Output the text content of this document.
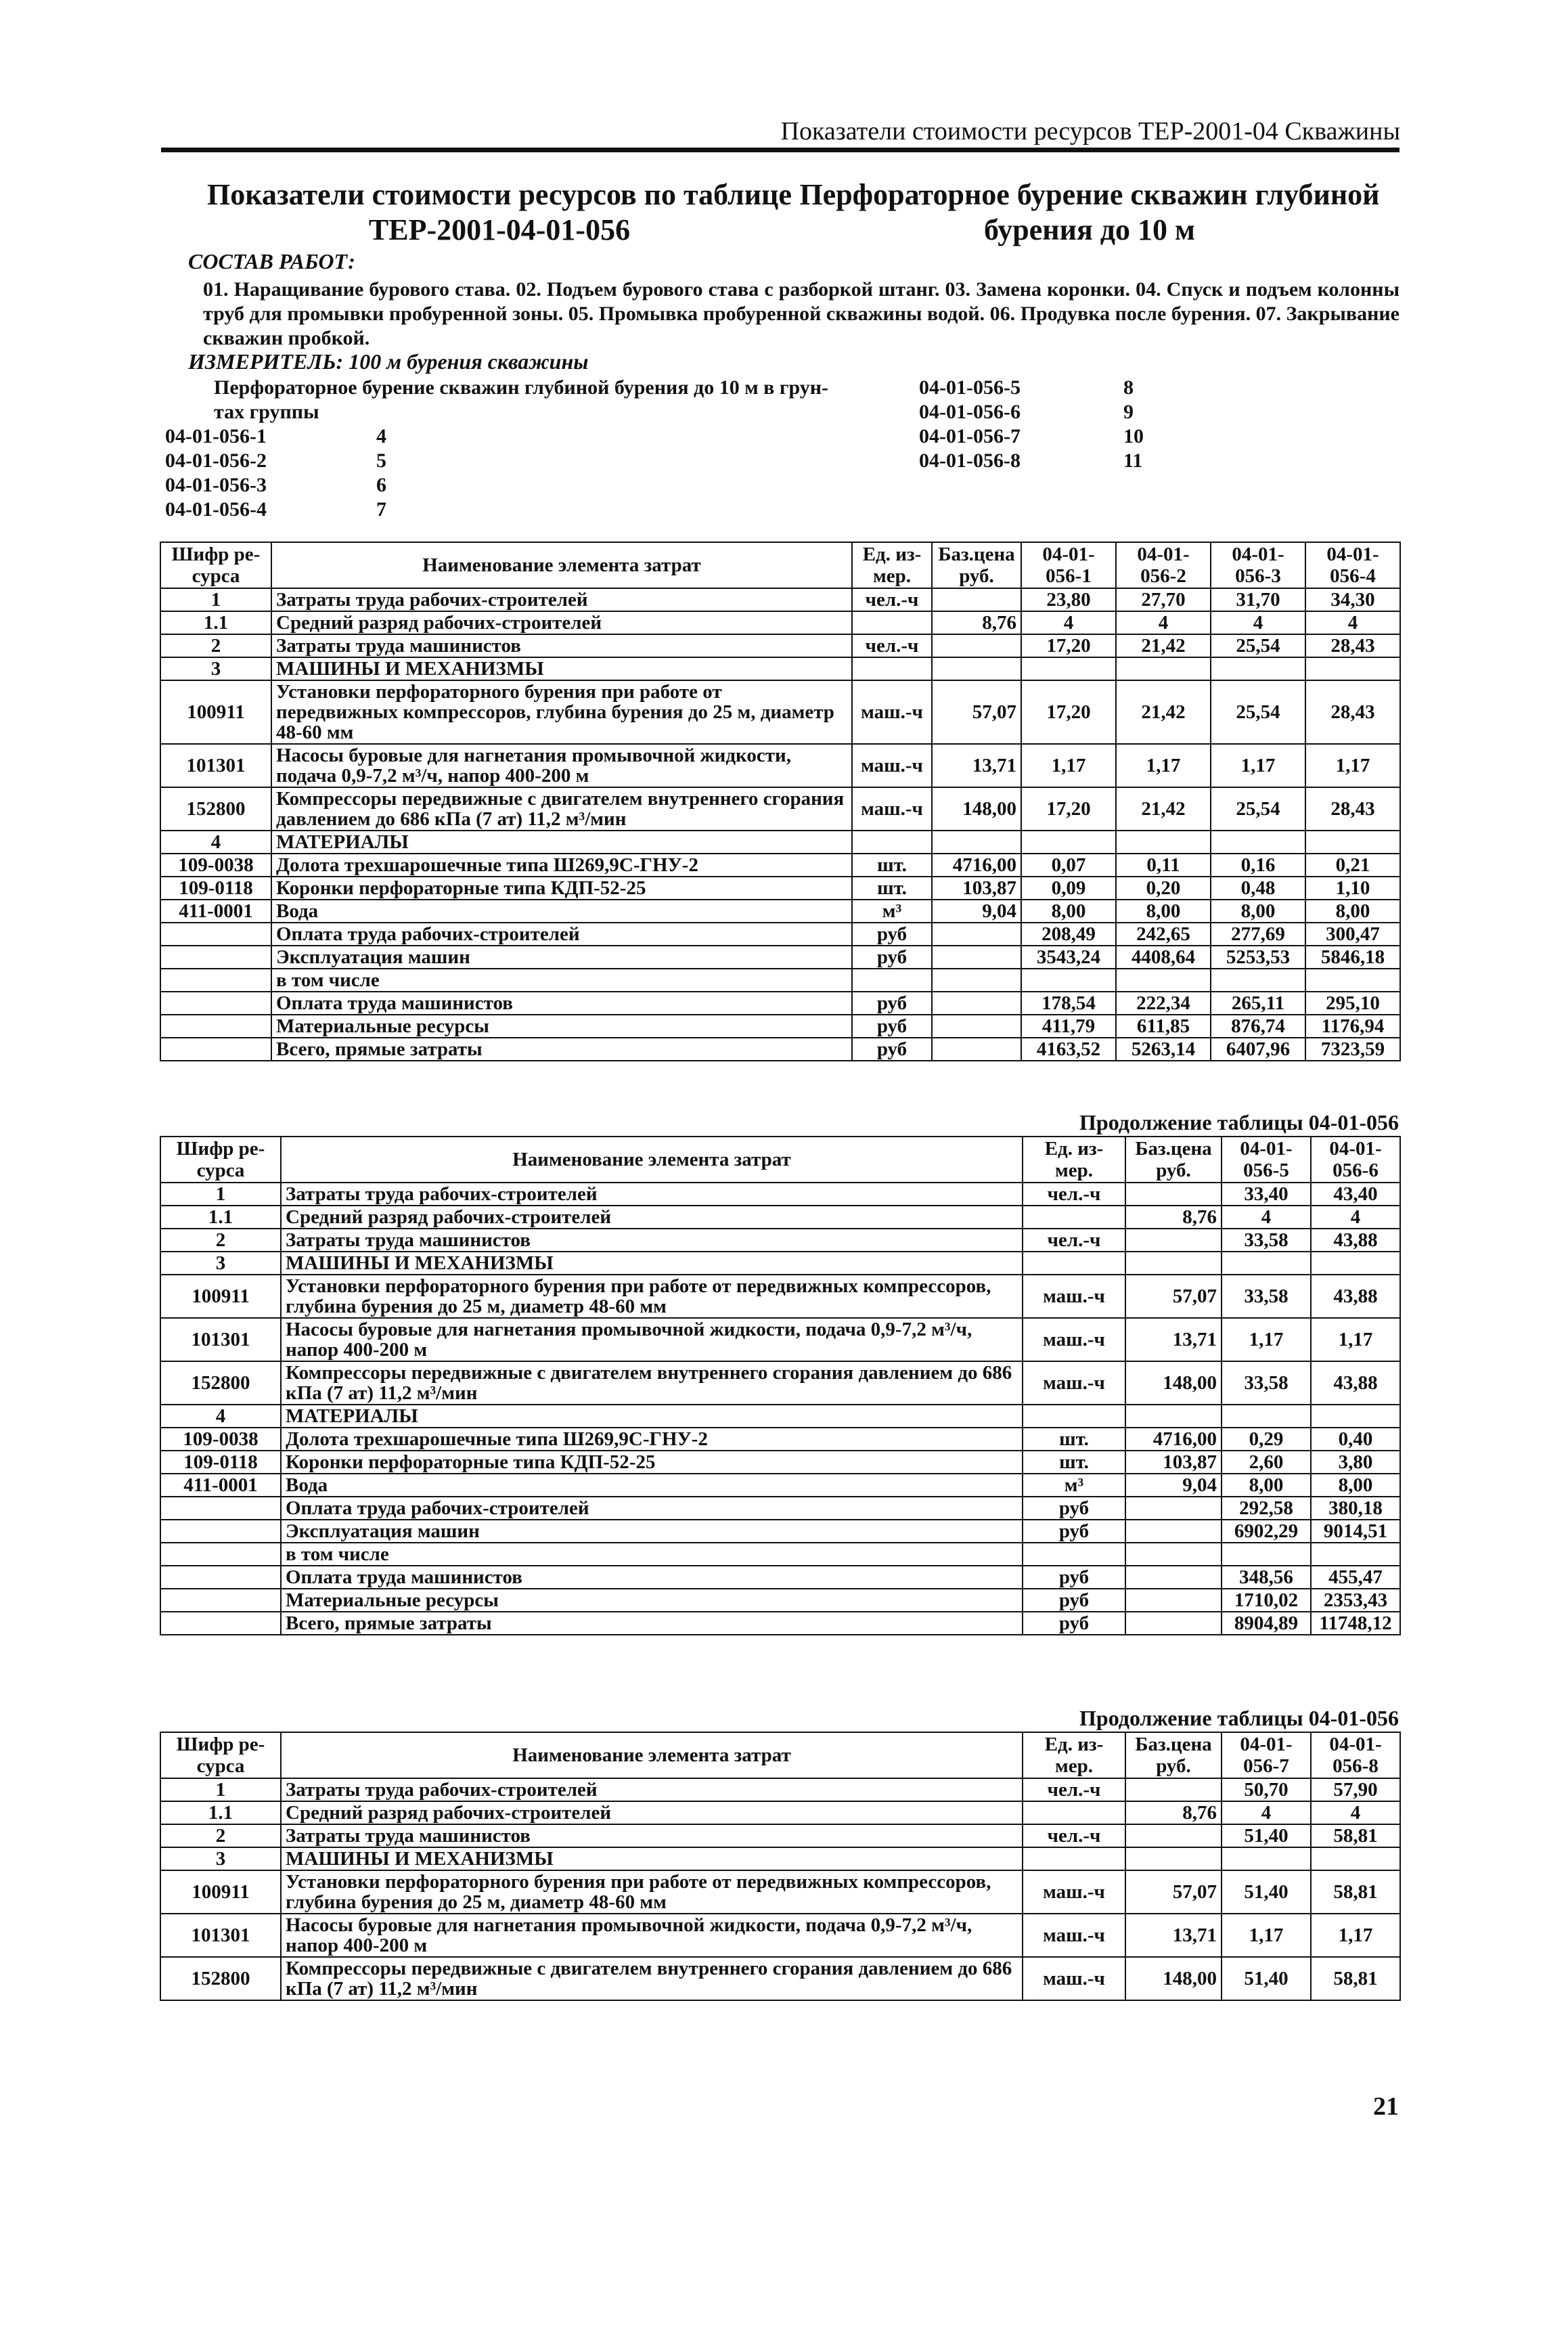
Показатели стоимости ресурсов ТЕР-2001-04 Скважины
Показатели стоимости ресурсов по таблице
ТЕР-2001-04-01-056
Перфораторное бурение скважин глубиной
бурения до 10 м
СОСТАВ РАБОТ:
01. Наращивание бурового става. 02. Подъем бурового става с разборкой штанг. 03. Замена коронки. 04. Спуск и подъем колонны труб для промывки пробуренной зоны. 05. Промывка пробуренной скважины водой. 06. Продувка после бурения. 07. Закрывание скважин пробкой.
ИЗМЕРИТЕЛЬ: 100 м бурения скважины
Перфораторное бурение скважин глубиной бурения до 10 м в грун-
тах группы
04-01-056-1	4
04-01-056-2	5
04-01-056-3	6
04-01-056-4	7
04-01-056-5	8
04-01-056-6	9
04-01-056-7	10
04-01-056-8	11
Шифр ре-сурса	Наименование элемента затрат	Ед. из-мер.	Баз.цена руб.	04-01-056-1	04-01-056-2	04-01-056-3	04-01-056-4
1	Затраты труда рабочих-строителей	чел.-ч		23,80	27,70	31,70	34,30
1.1	Средний разряд рабочих-строителей		8,76	4	4	4	4
2	Затраты труда машинистов	чел.-ч		17,20	21,42	25,54	28,43
3	МАШИНЫ И МЕХАНИЗМЫ						
100911	Установки перфораторного бурения при работе от передвижных компрессоров, глубина бурения до 25 м, диаметр 48-60 мм	маш.-ч	57,07	17,20	21,42	25,54	28,43
101301	Насосы буровые для нагнетания промывочной жидкости, подача 0,9-7,2 м³/ч, напор 400-200 м	маш.-ч	13,71	1,17	1,17	1,17	1,17
152800	Компрессоры передвижные с двигателем внутреннего сгорания давлением до 686 кПа (7 ат) 11,2 м³/мин	маш.-ч	148,00	17,20	21,42	25,54	28,43
4	МАТЕРИАЛЫ						
109-0038	Долота трехшарошечные типа Ш269,9С-ГНУ-2	шт.	4716,00	0,07	0,11	0,16	0,21
109-0118	Коронки перфораторные типа КДП-52-25	шт.	103,87	0,09	0,20	0,48	1,10
411-0001	Вода	м³	9,04	8,00	8,00	8,00	8,00
	Оплата труда рабочих-строителей	руб		208,49	242,65	277,69	300,47
	Эксплуатация машин	руб		3543,24	4408,64	5253,53	5846,18
	в том числе						
	Оплата труда машинистов	руб		178,54	222,34	265,11	295,10
	Материальные ресурсы	руб		411,79	611,85	876,74	1176,94
	Всего, прямые затраты	руб		4163,52	5263,14	6407,96	7323,59
Продолжение таблицы 04-01-056
Шифр ре-сурса	Наименование элемента затрат	Ед. из-мер.	Баз.цена руб.	04-01-056-5	04-01-056-6
1	Затраты труда рабочих-строителей	чел.-ч		33,40	43,40
1.1	Средний разряд рабочих-строителей		8,76	4	4
2	Затраты труда машинистов	чел.-ч		33,58	43,88
3	МАШИНЫ И МЕХАНИЗМЫ				
100911	Установки перфораторного бурения при работе от передвижных компрессоров, глубина бурения до 25 м, диаметр 48-60 мм	маш.-ч	57,07	33,58	43,88
101301	Насосы буровые для нагнетания промывочной жидкости, подача 0,9-7,2 м³/ч, напор 400-200 м	маш.-ч	13,71	1,17	1,17
152800	Компрессоры передвижные с двигателем внутреннего сгорания давлением до 686 кПа (7 ат) 11,2 м³/мин	маш.-ч	148,00	33,58	43,88
4	МАТЕРИАЛЫ				
109-0038	Долота трехшарошечные типа Ш269,9С-ГНУ-2	шт.	4716,00	0,29	0,40
109-0118	Коронки перфораторные типа КДП-52-25	шт.	103,87	2,60	3,80
411-0001	Вода	м³	9,04	8,00	8,00
	Оплата труда рабочих-строителей	руб		292,58	380,18
	Эксплуатация машин	руб		6902,29	9014,51
	в том числе				
	Оплата труда машинистов	руб		348,56	455,47
	Материальные ресурсы	руб		1710,02	2353,43
	Всего, прямые затраты	руб		8904,89	11748,12
Продолжение таблицы 04-01-056
Шифр ре-сурса	Наименование элемента затрат	Ед. из-мер.	Баз.цена руб.	04-01-056-7	04-01-056-8
1	Затраты труда рабочих-строителей	чел.-ч		50,70	57,90
1.1	Средний разряд рабочих-строителей		8,76	4	4
2	Затраты труда машинистов	чел.-ч		51,40	58,81
3	МАШИНЫ И МЕХАНИЗМЫ				
100911	Установки перфораторного бурения при работе от передвижных компрессоров, глубина бурения до 25 м, диаметр 48-60 мм	маш.-ч	57,07	51,40	58,81
101301	Насосы буровые для нагнетания промывочной жидкости, подача 0,9-7,2 м³/ч, напор 400-200 м	маш.-ч	13,71	1,17	1,17
152800	Компрессоры передвижные с двигателем внутреннего сгорания давлением до 686 кПа (7 ат) 11,2 м³/мин	маш.-ч	148,00	51,40	58,81
21
